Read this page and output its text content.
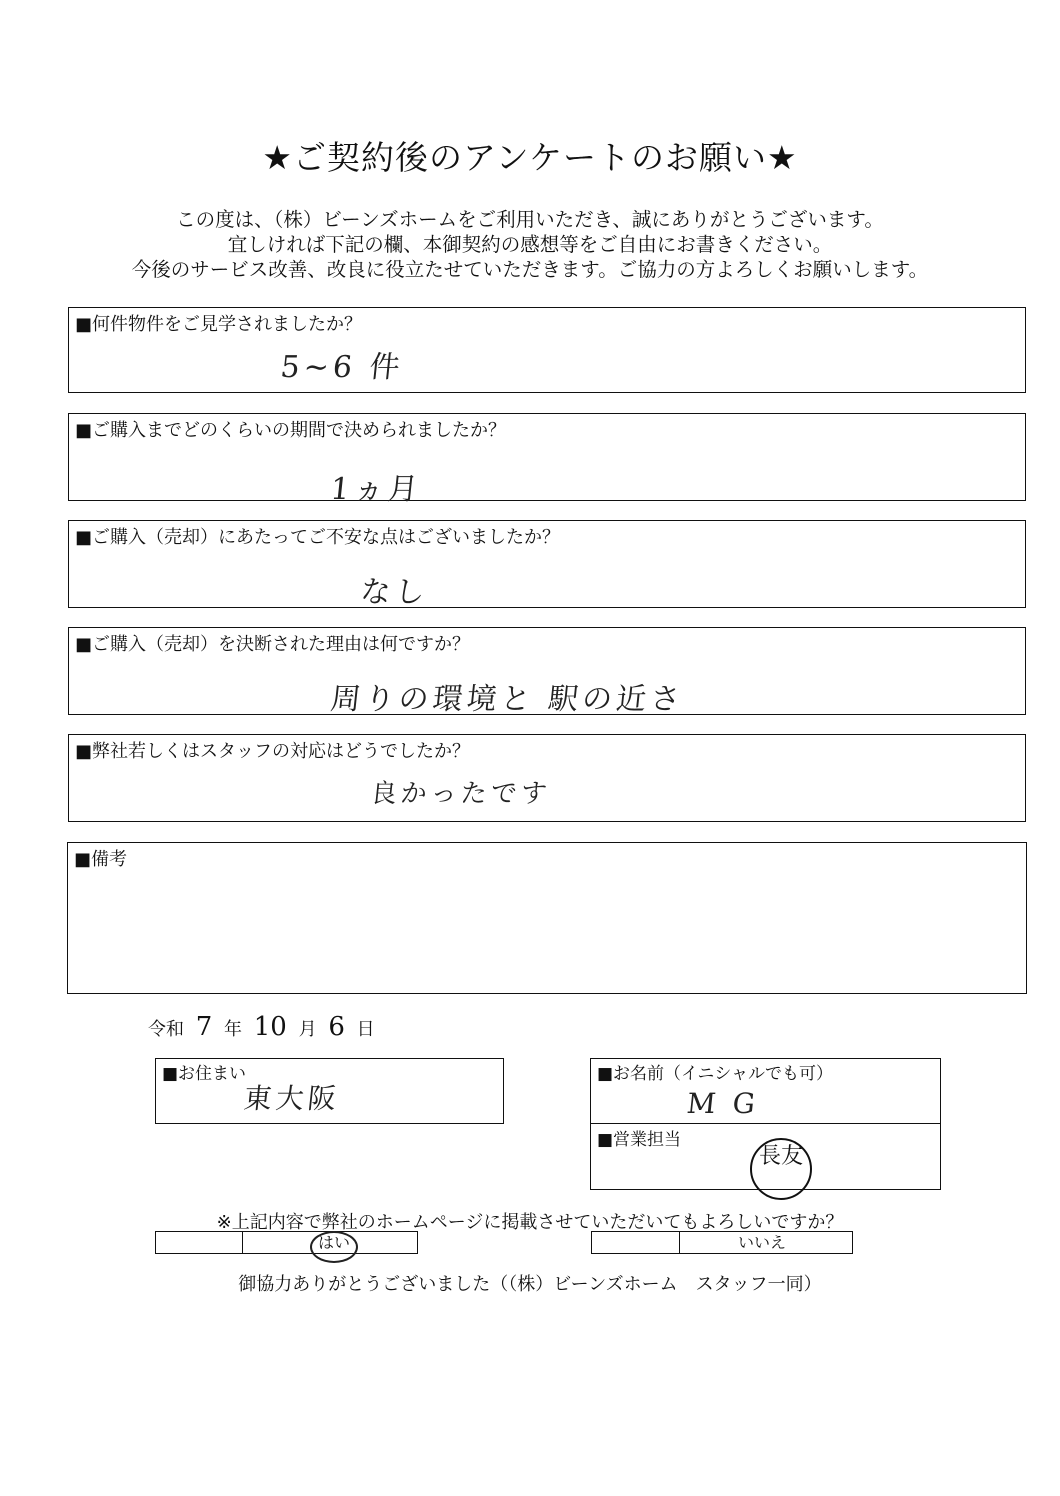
★ご契約後のアンケートのお願い★
この度は、（株）ビーンズホームをご利用いただき、誠にありがとうございます。
宜しければ下記の欄、本御契約の感想等をご自由にお書きください。
今後のサービス改善、改良に役立たせていただきます。ご協力の方よろしくお願いします。
■何件物件をご見学されましたか？
5~6 件
■ご購入までどのくらいの期間で決められましたか？
1ヵ月
■ご購入（売却）にあたってご不安な点はございましたか？
なし
■ご購入（売却）を決断された理由は何ですか？
周りの環境と 駅の近さ
■弊社若しくはスタッフの対応はどうでしたか？
良かったです
■備考
令和 7 年 10 月 6 日
■お住まい
東大阪
■お名前（イニシャルでも可）
M G
■営業担当
長友
※上記内容で弊社のホームページに掲載させていただいてもよろしいですか？
はい	いいえ
御協力ありがとうございました（（株）ビーンズホーム　スタッフ一同）
